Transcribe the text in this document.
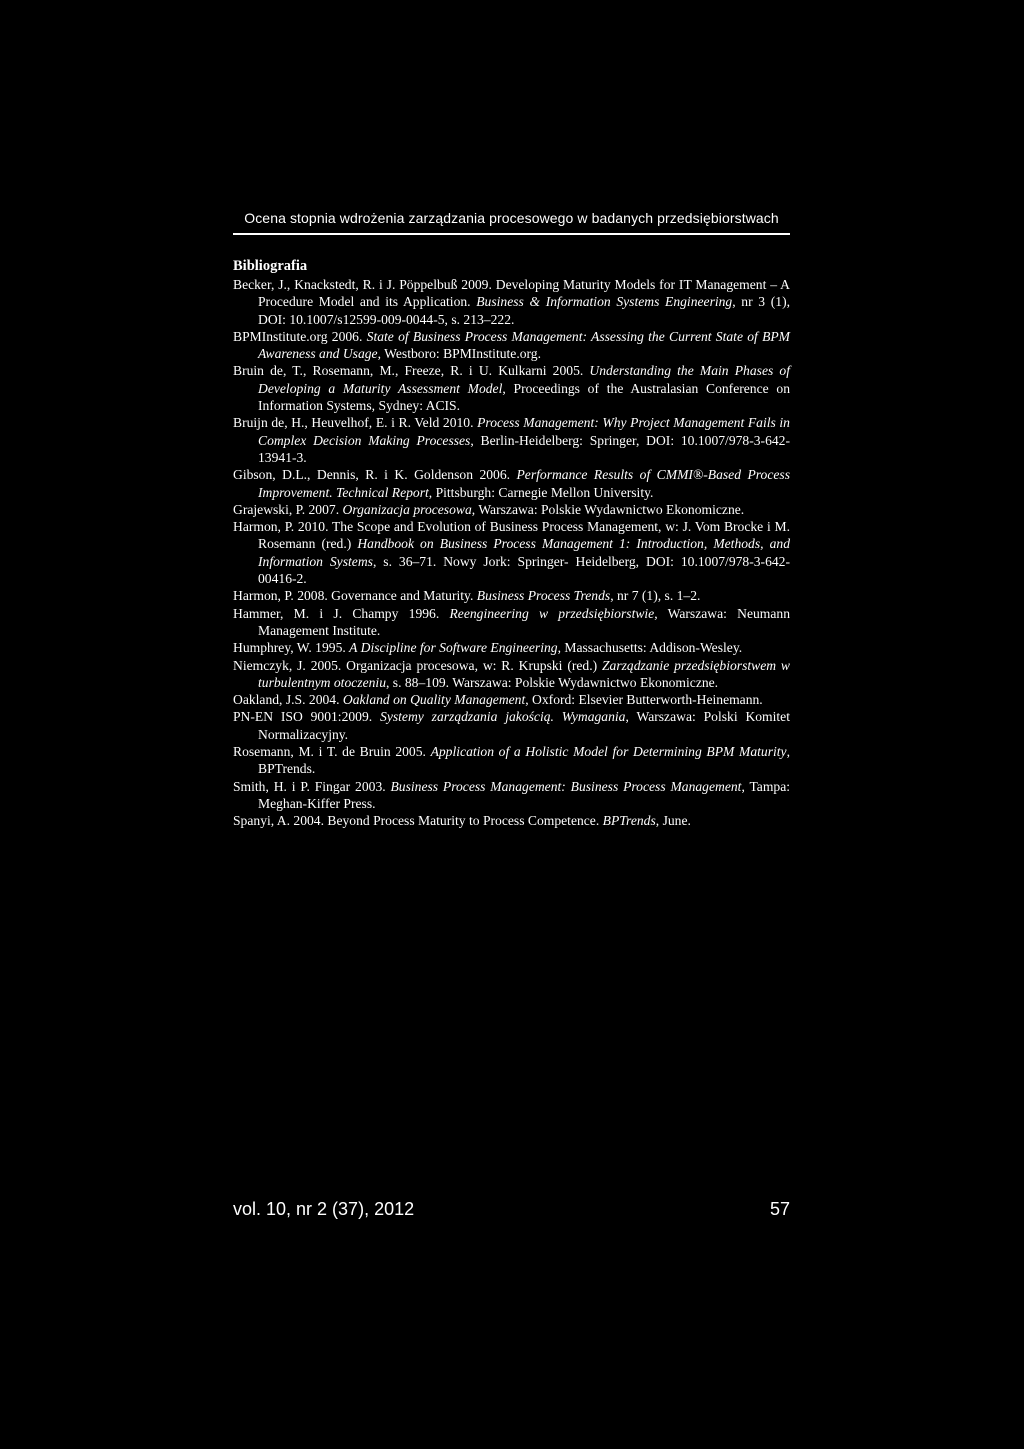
Ocena stopnia wdrożenia zarządzania procesowego w badanych przedsiębiorstwach
Bibliografia

Becker, J., Knackstedt, R. i J. Pöppelbuß 2009. Developing Maturity Models for IT Management – A Procedure Model and its Application. Business & Information Systems Engineering, nr 3 (1), DOI: 10.1007/s12599-009-0044-5, s. 213–222.

BPMInstitute.org 2006. State of Business Process Management: Assessing the Current State of BPM Awareness and Usage, Westboro: BPMInstitute.org.

Bruin de, T., Rosemann, M., Freeze, R. i U. Kulkarni 2005. Understanding the Main Phases of Developing a Maturity Assessment Model, Proceedings of the Australasian Conference on Information Systems, Sydney: ACIS.

Bruijn de, H., Heuvelhof, E. i R. Veld 2010. Process Management: Why Project Management Fails in Complex Decision Making Processes, Berlin-Heidelberg: Springer, DOI: 10.1007/978-3-642-13941-3.

Gibson, D.L., Dennis, R. i K. Goldenson 2006. Performance Results of CMMI®-Based Process Improvement. Technical Report, Pittsburgh: Carnegie Mellon University.

Grajewski, P. 2007. Organizacja procesowa, Warszawa: Polskie Wydawnictwo Ekonomiczne.

Harmon, P. 2010. The Scope and Evolution of Business Process Management, w: J. Vom Brocke i M. Rosemann (red.) Handbook on Business Process Management 1: Introduction, Methods, and Information Systems, s. 36–71. Nowy Jork: Springer- Heidelberg, DOI: 10.1007/978-3-642-00416-2.

Harmon, P. 2008. Governance and Maturity. Business Process Trends, nr 7 (1), s. 1–2.

Hammer, M. i J. Champy 1996. Reengineering w przedsiębiorstwie, Warszawa: Neumann Management Institute.

Humphrey, W. 1995. A Discipline for Software Engineering, Massachusetts: Addison-Wesley.

Niemczyk, J. 2005. Organizacja procesowa, w: R. Krupski (red.) Zarządzanie przedsiębiorstwem w turbulentnym otoczeniu, s. 88–109. Warszawa: Polskie Wydawnictwo Ekonomiczne.

Oakland, J.S. 2004. Oakland on Quality Management, Oxford: Elsevier Butterworth-Heinemann.

PN-EN ISO 9001:2009. Systemy zarządzania jakością. Wymagania, Warszawa: Polski Komitet Normalizacyjny.

Rosemann, M. i T. de Bruin 2005. Application of a Holistic Model for Determining BPM Maturity, BPTrends.

Smith, H. i P. Fingar 2003. Business Process Management: Business Process Management, Tampa: Meghan-Kiffer Press.

Spanyi, A. 2004. Beyond Process Maturity to Process Competence. BPTrends, June.

vol. 10, nr 2 (37), 2012	57
